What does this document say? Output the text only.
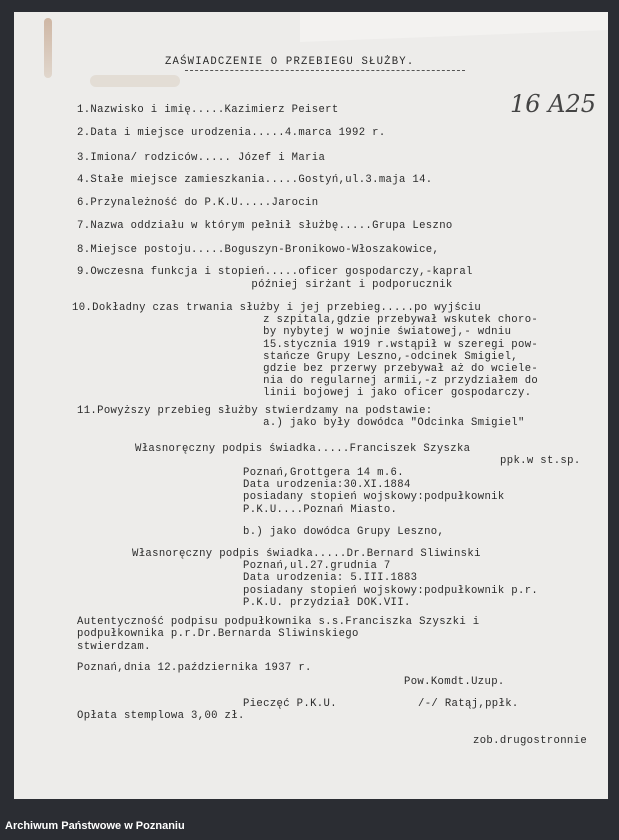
ZAŚWIADCZENIE O PRZEBIEGU SŁUŻBY.
16 A25
1.Nazwisko i imię.....Kazimierz Peisert
2.Data i miejsce urodzenia.....4.marca 1992 r.
3.Imiona/ rodziców..... Józef i Maria
4.Stałe miejsce zamieszkania.....Gostyń,ul.3.maja 14.
6.Przynależność do P.K.U.....Jarocin
7.Nazwa oddziału w którym pełnił służbę.....Grupa Leszno
8.Miejsce postoju.....Boguszyn-Bronikowo-Włoszakowice,
9.Owczesna funkcja i stopień.....oficer gospodarczy,-kapral
później sirżant i podporucznik
10.Dokładny czas trwania służby i jej przebieg.....po wyjściu
z szpitala,gdzie przebywał wskutek choro-
by nybytej w wojnie światowej,- wdniu
15.stycznia 1919 r.wstąpił w szeregi pow-
stańcze Grupy Leszno,-odcinek Smigiel,
gdzie bez przerwy przebywał aż do wciele-
nia do regularnej armii,-z przydziałem do
linii bojowej i jako oficer gospodarczy.
11.Powyższy przebieg służby stwierdzamy na podstawie:
a.) jako były dowódca "Odcinka Smigiel"
Własnoręczny podpis świadka.....Franciszek Szyszka
ppk.w st.sp.
Poznań,Grottgera 14 m.6.
Data urodzenia:30.XI.1884
posiadany stopień wojskowy:podpułkownik
P.K.U....Poznań Miasto.
b.) jako dowódca Grupy Leszno,
Własnoręczny podpis świadka.....Dr.Bernard Sliwinski
Poznań,ul.27.grudnia 7
Data urodzenia: 5.III.1883
posiadany stopień wojskowy:podpułkownik p.r.
P.K.U. przydział DOK.VII.
Autentyczność podpisu podpułkownika s.s.Franciszka Szyszki i
podpułkownika p.r.Dr.Bernarda Sliwinskiego
stwierdzam.
Poznań,dnia 12.października 1937 r.
Pow.Komdt.Uzup.
Pieczęć P.K.U.	/-/ Ratąj,ppłk.
Opłata stemplowa 3,00 zł.
zob.drugostronnie
Archiwum Państwowe w Poznaniu
